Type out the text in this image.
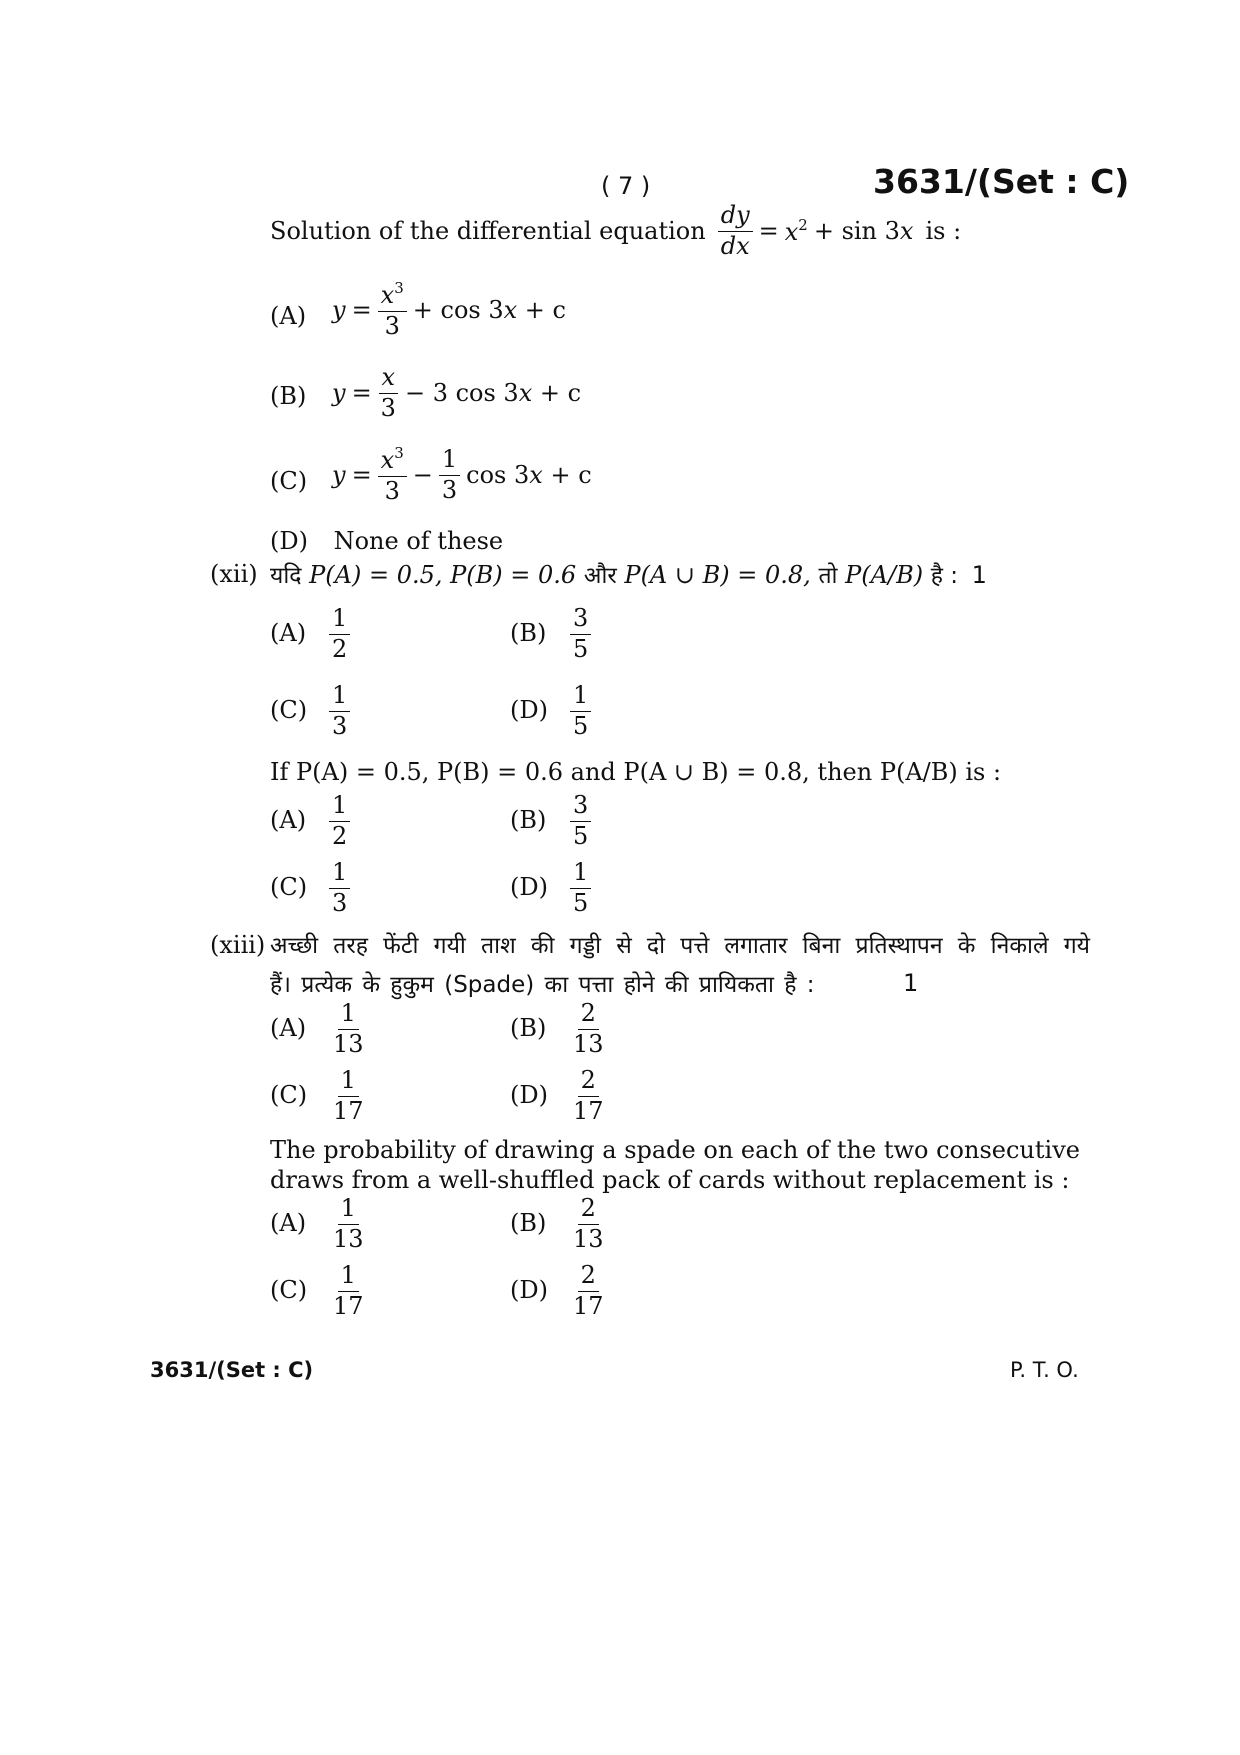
( 7 )	3631/(Set : C)
Solution of the differential equation $\frac{dy}{dx} = x^2 + \sin 3x$ is :
(A) $y = \frac{x^3}{3} + \cos 3x + c$
(B) $y = \frac{x}{3} - 3$ cos 3x + c
(C) $y = \frac{x^3}{3} - \frac{1}{3}$ cos 3x + c
(D) None of these
(xii) यदि P(A) = 0.5, P(B) = 0.6 और P(A ∪ B) = 0.8, तो P(A/B) है : 1
$(A) \frac{1}{2}$	$(B) \frac{3}{5}$
$(C) \frac{1}{3}$	$(D) \frac{1}{5}$
If P(A) = 0.5, P(B) = 0.6 and P(A ∪ B) = 0.8, then P(A/B) is :
$(A) \frac{1}{2}$	$(B) \frac{3}{5}$
$(C) \frac{1}{3}$	$(D) \frac{1}{5}$
(xiii) अच्छी तरह फेंटी गयी ताश की गड्डी से दो पत्ते लगातार बिना प्रतिस्थापन के निकाले गये
हैं। प्रत्येक के हुकुम (Spade) का पत्ता होने की प्रायिकता है :	1
$(A) \frac{1}{13}$	$(B) \frac{2}{13}$
$(C) \frac{1}{17}$	$(D) \frac{2}{17}$
The probability of drawing a spade on each of the two consecutive
draws from a well-shuffled pack of cards without replacement is :
$(A) \frac{1}{13}$	$(B) \frac{2}{13}$
$(C) \frac{1}{17}$	$(D) \frac{2}{17}$
3631/(Set : C)	P. T. O.
